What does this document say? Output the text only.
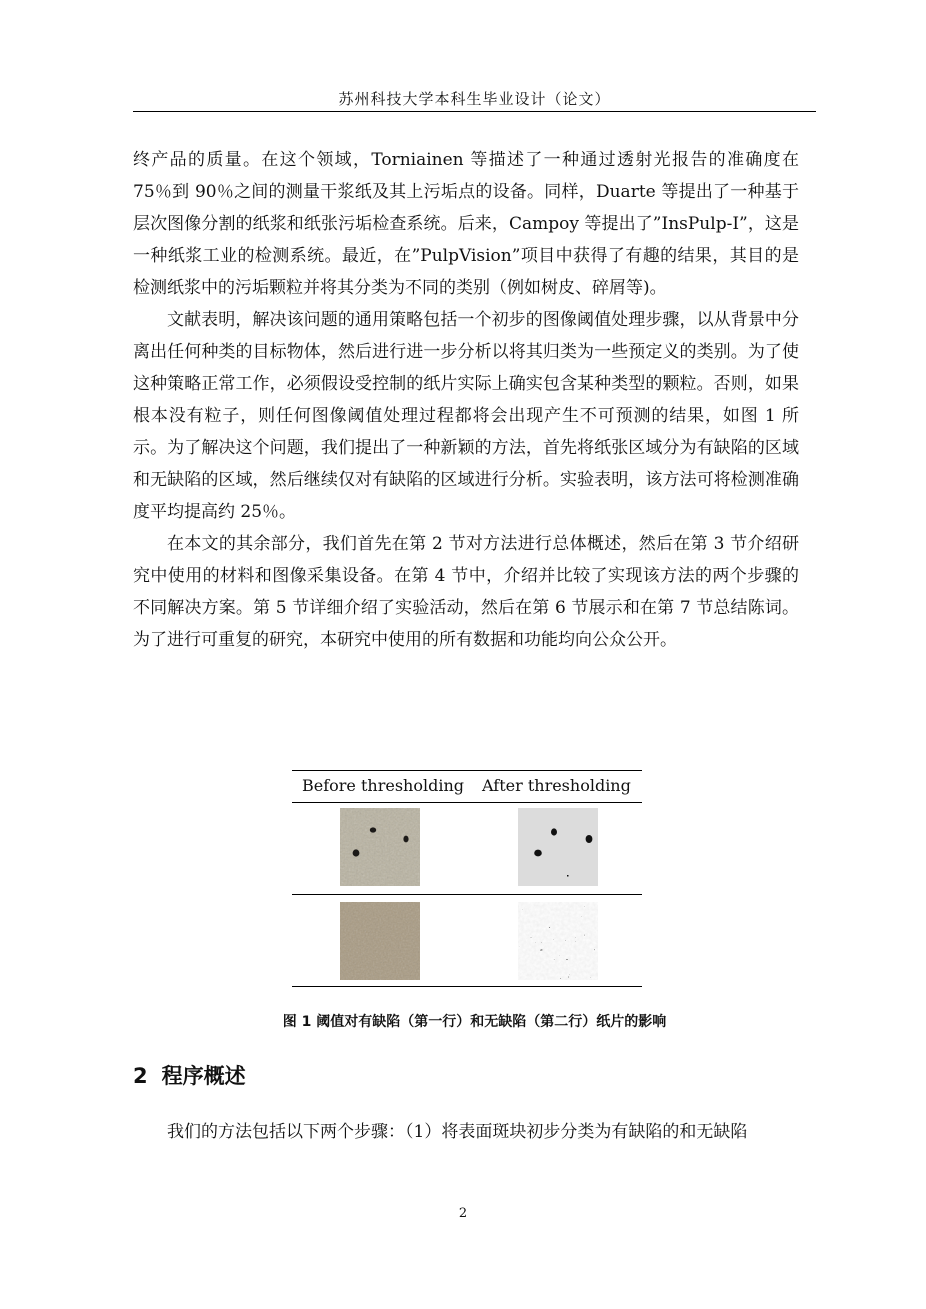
苏州科技大学本科生毕业设计（论文）

终产品的质量。在这个领域，Torniainen 等描述了一种通过透射光报告的准确度在 75％到 90％之间的测量干浆纸及其上污垢点的设备。同样，Duarte 等提出了一种基于层次图像分割的纸浆和纸张污垢检查系统。后来，Campoy 等提出了”InsPulp-I”，这是一种纸浆工业的检测系统。最近，在”PulpVision”项目中获得了有趣的结果，其目的是检测纸浆中的污垢颗粒并将其分类为不同的类别（例如树皮、碎屑等)。

文献表明，解决该问题的通用策略包括一个初步的图像阈值处理步骤，以从背景中分离出任何种类的目标物体，然后进行进一步分析以将其归类为一些预定义的类别。为了使这种策略正常工作，必须假设受控制的纸片实际上确实包含某种类型的颗粒。否则，如果根本没有粒子，则任何图像阈值处理过程都将会出现产生不可预测的结果，如图 1 所示。为了解决这个问题，我们提出了一种新颖的方法，首先将纸张区域分为有缺陷的区域和无缺陷的区域，然后继续仅对有缺陷的区域进行分析。实验表明，该方法可将检测准确度平均提高约 25％。

在本文的其余部分，我们首先在第 2 节对方法进行总体概述，然后在第 3 节介绍研究中使用的材料和图像采集设备。在第 4 节中，介绍并比较了实现该方法的两个步骤的不同解决方案。第 5 节详细介绍了实验活动，然后在第 6 节展示和在第 7 节总结陈词。为了进行可重复的研究，本研究中使用的所有数据和功能均向公众公开。

Before thresholding After thresholding
图 1 阈值对有缺陷（第一行）和无缺陷（第二行）纸片的影响
2 程序概述

我们的方法包括以下两个步骤：（1）将表面斑块初步分类为有缺陷的和无缺陷

2
